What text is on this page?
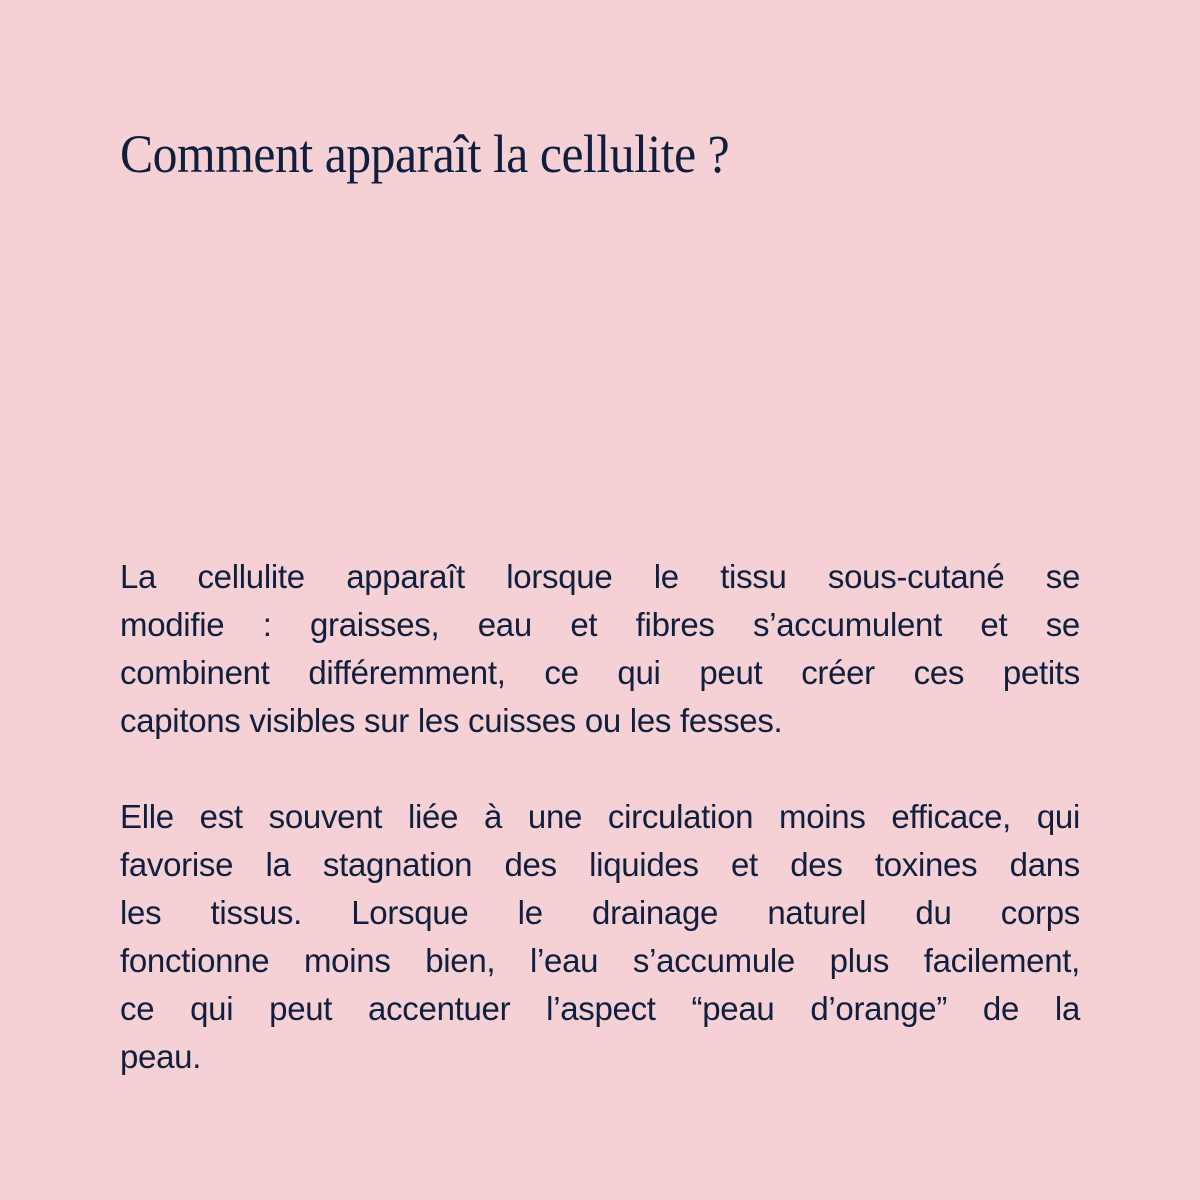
Comment apparaît la cellulite ?
La cellulite apparaît lorsque le tissu sous-cutané se
modifie : graisses, eau et fibres s’accumulent et se
combinent différemment, ce qui peut créer ces petits
capitons visibles sur les cuisses ou les fesses.
Elle est souvent liée à une circulation moins efficace, qui
favorise la stagnation des liquides et des toxines dans
les tissus. Lorsque le drainage naturel du corps
fonctionne moins bien, l’eau s’accumule plus facilement,
ce qui peut accentuer l’aspect “peau d’orange” de la
peau.
